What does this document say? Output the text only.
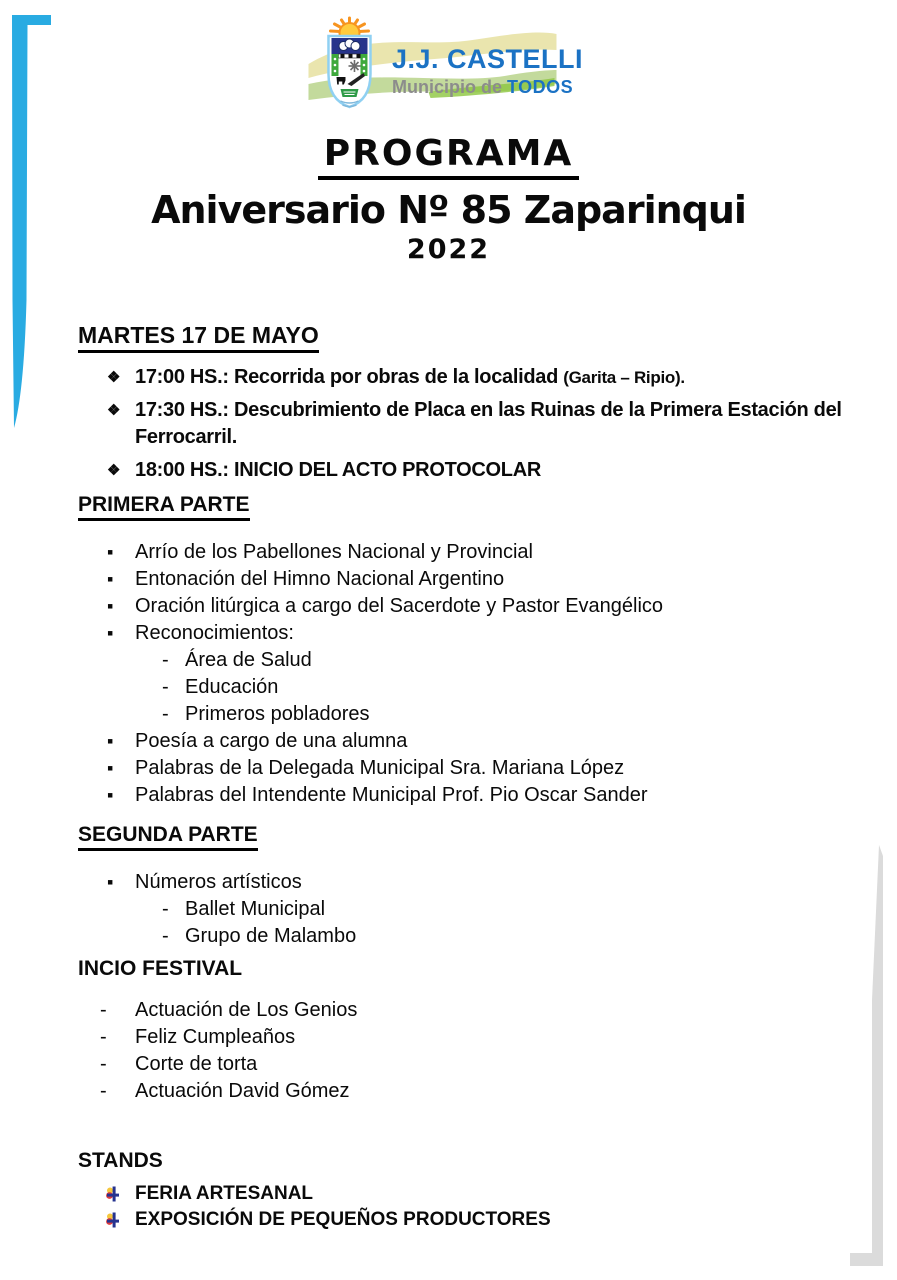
J.J. CASTELLI
Municipio de TODOS
PROGRAMA
Aniversario Nº 85 Zaparinqui
2022
MARTES 17 DE MAYO
❖ 17:00 HS.: Recorrida por obras de la localidad (Garita – Ripio).
❖ 17:30 HS.: Descubrimiento de Placa en las Ruinas de la Primera Estación del Ferrocarril.
❖ 18:00 HS.: INICIO DEL ACTO PROTOCOLAR
PRIMERA PARTE
▪	Arrío de los Pabellones Nacional y Provincial
▪	Entonación del Himno Nacional Argentino
▪	Oración litúrgica a cargo del Sacerdote y Pastor Evangélico
▪	Reconocimientos:
- Área de Salud
- Educación
- Primeros pobladores
▪	Poesía a cargo de una alumna
▪	Palabras de la Delegada Municipal Sra. Mariana López
▪	Palabras del Intendente Municipal Prof. Pio Oscar Sander
SEGUNDA PARTE
▪	Números artísticos
- Ballet Municipal
- Grupo de Malambo
INCIO FESTIVAL
-	Actuación de Los Genios
-	Feliz Cumpleaños
-	Corte de torta
-	Actuación David Gómez
STANDS
FERIA ARTESANAL
EXPOSICIÓN DE PEQUEÑOS PRODUCTORES
